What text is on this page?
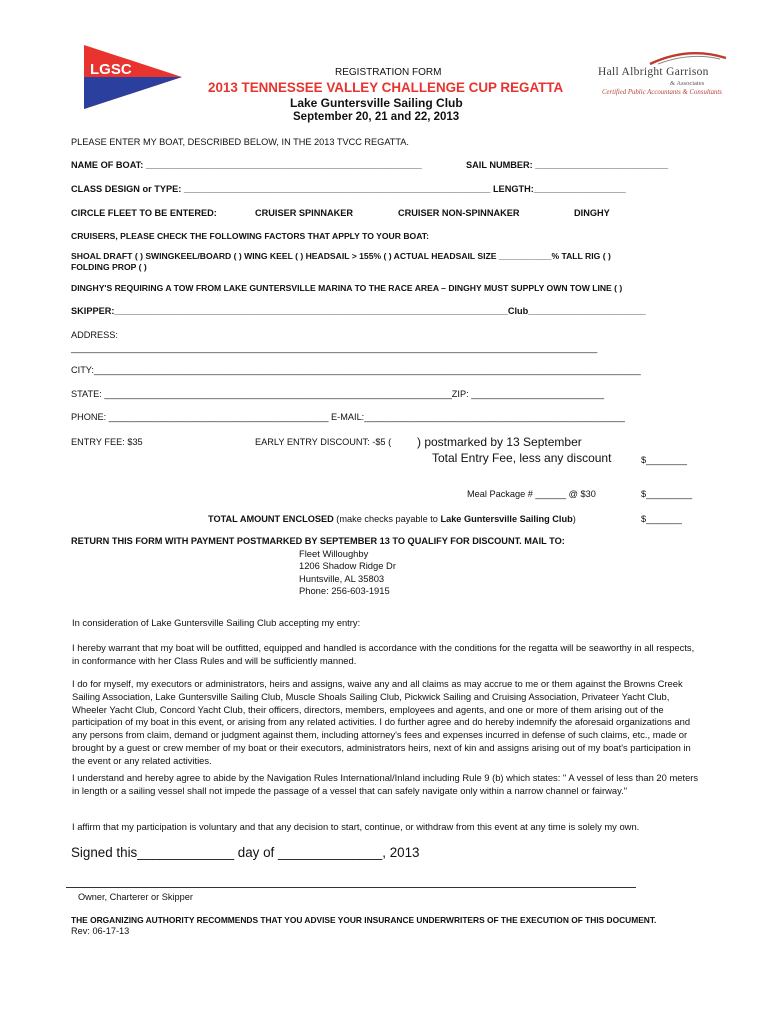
LGSC	Hall Albright Garrison
& Associates
Certified Public Accountants & Consultants
REGISTRATION FORM
2013 TENNESSEE VALLEY CHALLENGE CUP REGATTA
Lake Guntersville Sailing Club
September 20, 21 and 22, 2013
PLEASE ENTER MY BOAT, DESCRIBED BELOW, IN THE 2013 TVCC REGATTA.
NAME OF BOAT: ______________________________________________________	SAIL NUMBER: __________________________
CLASS DESIGN or TYPE: ____________________________________________________________ LENGTH:__________________
CIRCLE FLEET TO BE ENTERED:	CRUISER SPINNAKER	CRUISER NON-SPINNAKER	DINGHY
CRUISERS, PLEASE CHECK THE FOLLOWING FACTORS THAT APPLY TO YOUR BOAT:
SHOAL DRAFT ( ) SWINGKEEL/BOARD ( ) WING KEEL ( ) HEADSAIL > 155% ( ) ACTUAL HEADSAIL SIZE ___________% TALL RIG ( )
FOLDING PROP ( )
DINGHY'S REQUIRING A TOW FROM LAKE GUNTERSVILLE MARINA TO THE RACE AREA – DINGHY MUST SUPPLY OWN TOW LINE ( )
SKIPPER:_____________________________________________________________________________Club_______________________
ADDRESS:
_______________________________________________________________________________________________________
CITY:___________________________________________________________________________________________________________
STATE: ____________________________________________________________________ZIP: __________________________
PHONE: ___________________________________________ E-MAIL:___________________________________________________
ENTRY FEE: $35	EARLY ENTRY DISCOUNT: -$5 ( ) postmarked by 13 September
Total Entry Fee, less any discount	$________
Meal Package # ______ @ $30	$_________
TOTAL AMOUNT ENCLOSED (make checks payable to Lake Guntersville Sailing Club)	$_______
RETURN THIS FORM WITH PAYMENT POSTMARKED BY SEPTEMBER 13 TO QUALIFY FOR DISCOUNT. MAIL TO:
Fleet Willoughby
1206 Shadow Ridge Dr
Huntsville, AL 35803
Phone: 256-603-1915
In consideration of Lake Guntersville Sailing Club accepting my entry:
I hereby warrant that my boat will be outfitted, equipped and handled is accordance with the conditions for the regatta will be seaworthy in all respects, in conformance with her Class Rules and will be sufficiently manned.
I do for myself, my executors or administrators, heirs and assigns, waive any and all claims as may accrue to me or them against the Browns Creek Sailing Association, Lake Guntersville Sailing Club, Muscle Shoals Sailing Club, Pickwick Sailing and Cruising Association, Privateer Yacht Club, Wheeler Yacht Club, Concord Yacht Club, their officers, directors, members, employees and agents, and one or more of them arising out of the participation of my boat in this event, or arising from any related activities. I do further agree and do hereby indemnify the aforesaid organizations and any persons from claim, demand or judgment against them, including attorney's fees and expenses incurred in defense of such claims, etc., made or brought by a guest or crew member of my boat or their executors, administrators heirs, next of kin and assigns arising out of my boat's participation in the event or any related activities.
I understand and hereby agree to abide by the Navigation Rules International/Inland including Rule 9 (b) which states: " A vessel of less than 20 meters in length or a sailing vessel shall not impede the passage of a vessel that can safely navigate only within a narrow channel or fairway."
I affirm that my participation is voluntary and that any decision to start, continue, or withdraw from this event at any time is solely my own.
Signed this_____________ day of ______________, 2013
Owner, Charterer or Skipper
THE ORGANIZING AUTHORITY RECOMMENDS THAT YOU ADVISE YOUR INSURANCE UNDERWRITERS OF THE EXECUTION OF THIS DOCUMENT.
Rev: 06-17-13
